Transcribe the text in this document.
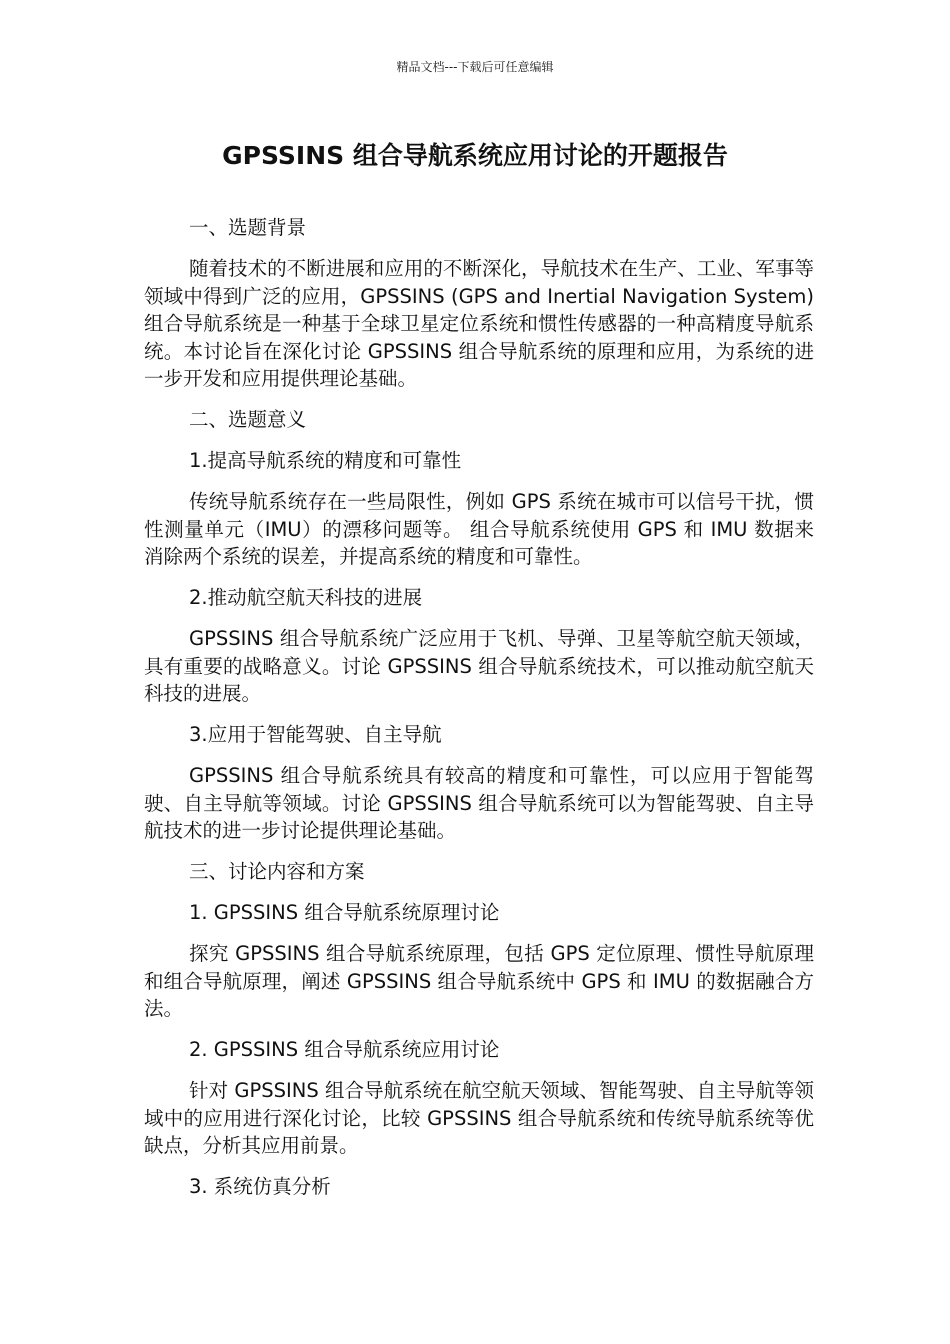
精品文档---下载后可任意编辑
GPSSINS 组合导航系统应用讨论的开题报告
一、选题背景
随着技术的不断进展和应用的不断深化，导航技术在生产、工业、军事等领域中得到广泛的应用，GPSSINS (GPS and Inertial Navigation System) 组合导航系统是一种基于全球卫星定位系统和惯性传感器的一种高精度导航系统。本讨论旨在深化讨论 GPSSINS 组合导航系统的原理和应用，为系统的进一步开发和应用提供理论基础。
二、选题意义
1.提高导航系统的精度和可靠性
传统导航系统存在一些局限性，例如 GPS 系统在城市可以信号干扰，惯性测量单元（IMU）的漂移问题等。 组合导航系统使用 GPS 和 IMU 数据来消除两个系统的误差，并提高系统的精度和可靠性。
2.推动航空航天科技的进展
GPSSINS 组合导航系统广泛应用于飞机、导弹、卫星等航空航天领域，具有重要的战略意义。讨论 GPSSINS 组合导航系统技术，可以推动航空航天科技的进展。
3.应用于智能驾驶、自主导航
GPSSINS 组合导航系统具有较高的精度和可靠性，可以应用于智能驾驶、自主导航等领域。讨论 GPSSINS 组合导航系统可以为智能驾驶、自主导航技术的进一步讨论提供理论基础。
三、讨论内容和方案
1. GPSSINS 组合导航系统原理讨论
探究 GPSSINS 组合导航系统原理，包括 GPS 定位原理、惯性导航原理和组合导航原理，阐述 GPSSINS 组合导航系统中 GPS 和 IMU 的数据融合方法。
2. GPSSINS 组合导航系统应用讨论
针对 GPSSINS 组合导航系统在航空航天领域、智能驾驶、自主导航等领域中的应用进行深化讨论，比较 GPSSINS 组合导航系统和传统导航系统等优缺点，分析其应用前景。
3. 系统仿真分析
